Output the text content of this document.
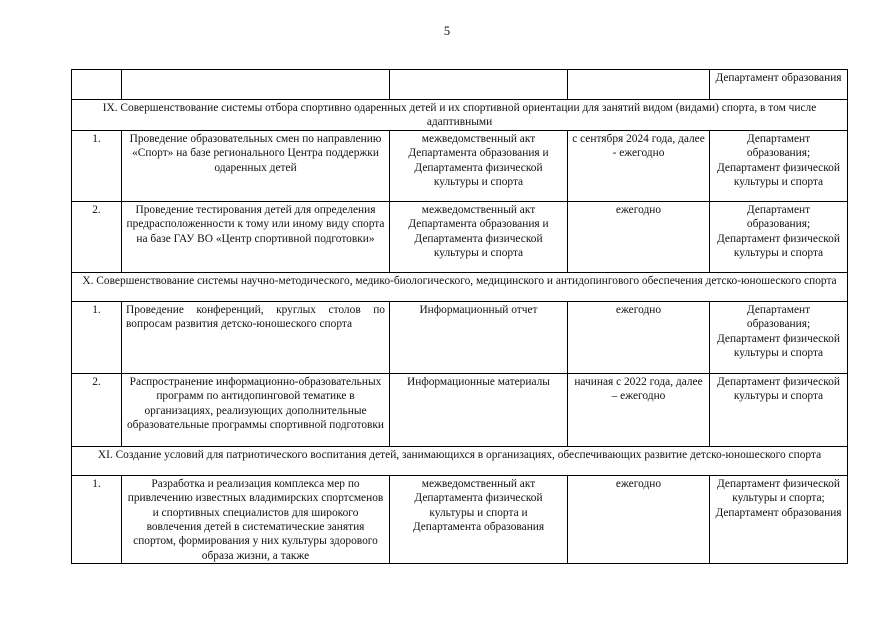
5
				Департамент образования
IX. Совершенствование системы отбора спортивно одаренных детей и их спортивной ориентации для занятий видом (видами) спорта, в том числе адаптивными				
1.	Проведение образовательных смен по направлению «Спорт» на базе регионального Центра поддержки одаренных детей	межведомственный акт Департамента образования и Департамента физической культуры и спорта	с сентября 2024 года, далее - ежегодно	Департамент образования; Департамент физической культуры и спорта
2.	Проведение тестирования детей для определения предрасположенности к тому или иному виду спорта на базе ГАУ ВО «Центр спортивной подготовки»	межведомственный акт Департамента образования и Департамента физической культуры и спорта	ежегодно	Департамент образования; Департамент физической культуры и спорта
X. Совершенствование системы научно-методического, медико-биологического, медицинского и антидопингового обеспечения детско-юношеского спорта				
1.	Проведение конференций, круглых столов по вопросам развития детско-юношеского спорта	Информационный отчет	ежегодно	Департамент образования; Департамент физической культуры и спорта
2.	Распространение информационно-образовательных программ по антидопинговой тематике в организациях, реализующих дополнительные образовательные программы спортивной подготовки	Информационные материалы	начиная с 2022 года, далее – ежегодно	Департамент физической культуры и спорта
XI. Создание условий для патриотического воспитания детей, занимающихся в организациях, обеспечивающих развитие детско-юношеского спорта				
1.	Разработка и реализация комплекса мер по привлечению известных владимирских спортсменов и спортивных специалистов для широкого вовлечения детей в систематические занятия спортом, формирования у них культуры здорового образа жизни, а также	межведомственный акт Департамента физической культуры и спорта и Департамента образования	ежегодно	Департамент физической культуры и спорта; Департамент образования
